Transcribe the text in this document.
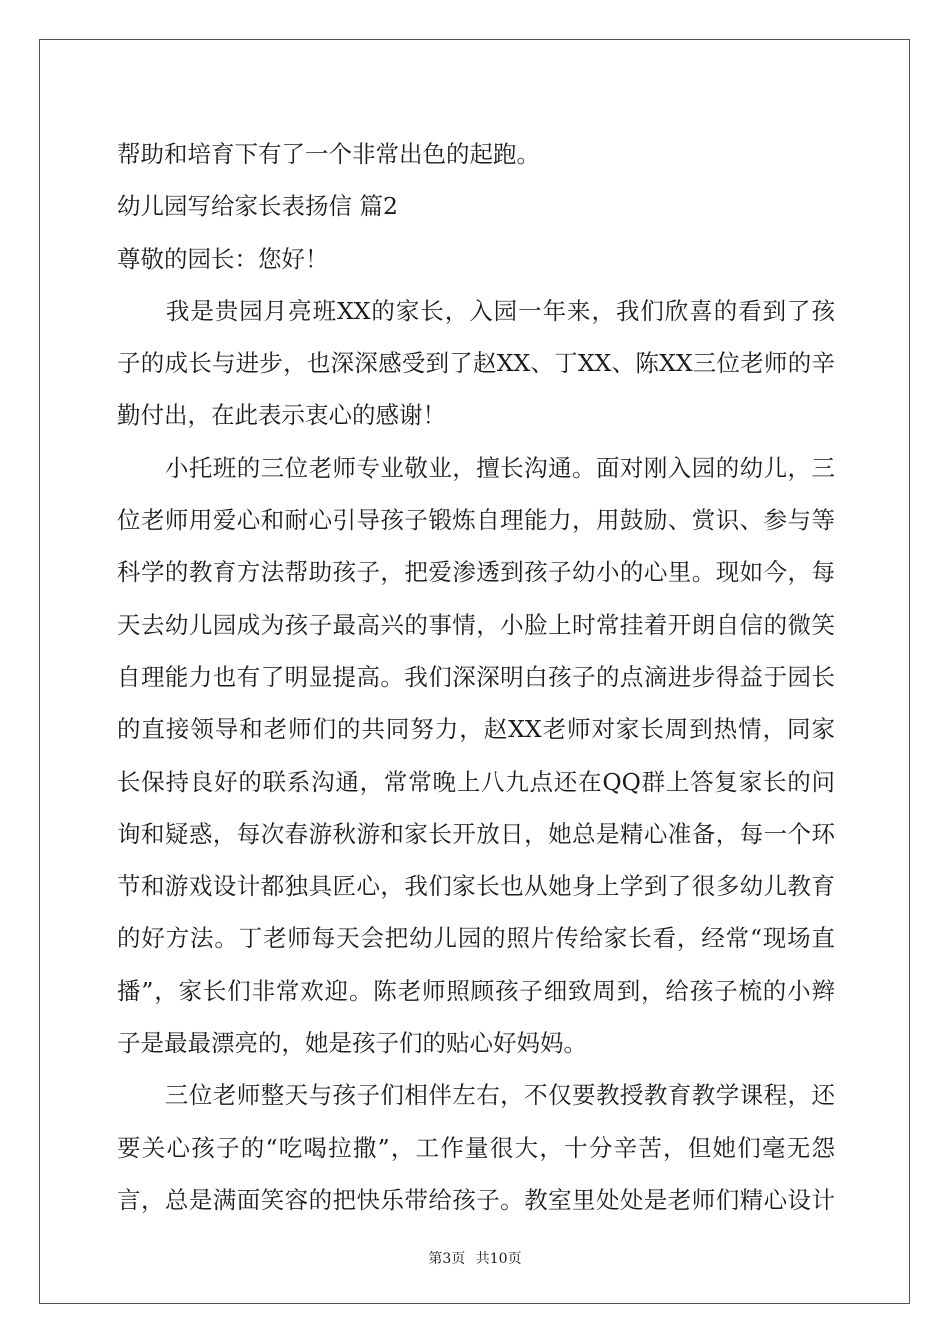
帮助和培育下有了一个非常出色的起跑。
幼儿园写给家长表扬信 篇2
尊敬的园长：您好！
　　我是贵园月亮班XX的家长，入园一年来，我们欣喜的看到了孩
子的成长与进步，也深深感受到了赵XX、丁XX、陈XX三位老师的辛
勤付出，在此表示衷心的感谢！
　　小托班的三位老师专业敬业，擅长沟通。面对刚入园的幼儿，三
位老师用爱心和耐心引导孩子锻炼自理能力，用鼓励、赏识、参与等
科学的教育方法帮助孩子，把爱渗透到孩子幼小的心里。现如今，每
天去幼儿园成为孩子最高兴的事情，小脸上时常挂着开朗自信的微笑
自理能力也有了明显提高。我们深深明白孩子的点滴进步得益于园长
的直接领导和老师们的共同努力，赵XX老师对家长周到热情，同家
长保持良好的联系沟通，常常晚上八九点还在QQ群上答复家长的问
询和疑惑，每次春游秋游和家长开放日，她总是精心准备，每一个环
节和游戏设计都独具匠心，我们家长也从她身上学到了很多幼儿教育
的好方法。丁老师每天会把幼儿园的照片传给家长看，经常“现场直
播”，家长们非常欢迎。陈老师照顾孩子细致周到，给孩子梳的小辫
子是最最漂亮的，她是孩子们的贴心好妈妈。
　　三位老师整天与孩子们相伴左右，不仅要教授教育教学课程，还
要关心孩子的“吃喝拉撒”，工作量很大，十分辛苦，但她们毫无怨
言，总是满面笑容的把快乐带给孩子。教室里处处是老师们精心设计
第3页 共10页
